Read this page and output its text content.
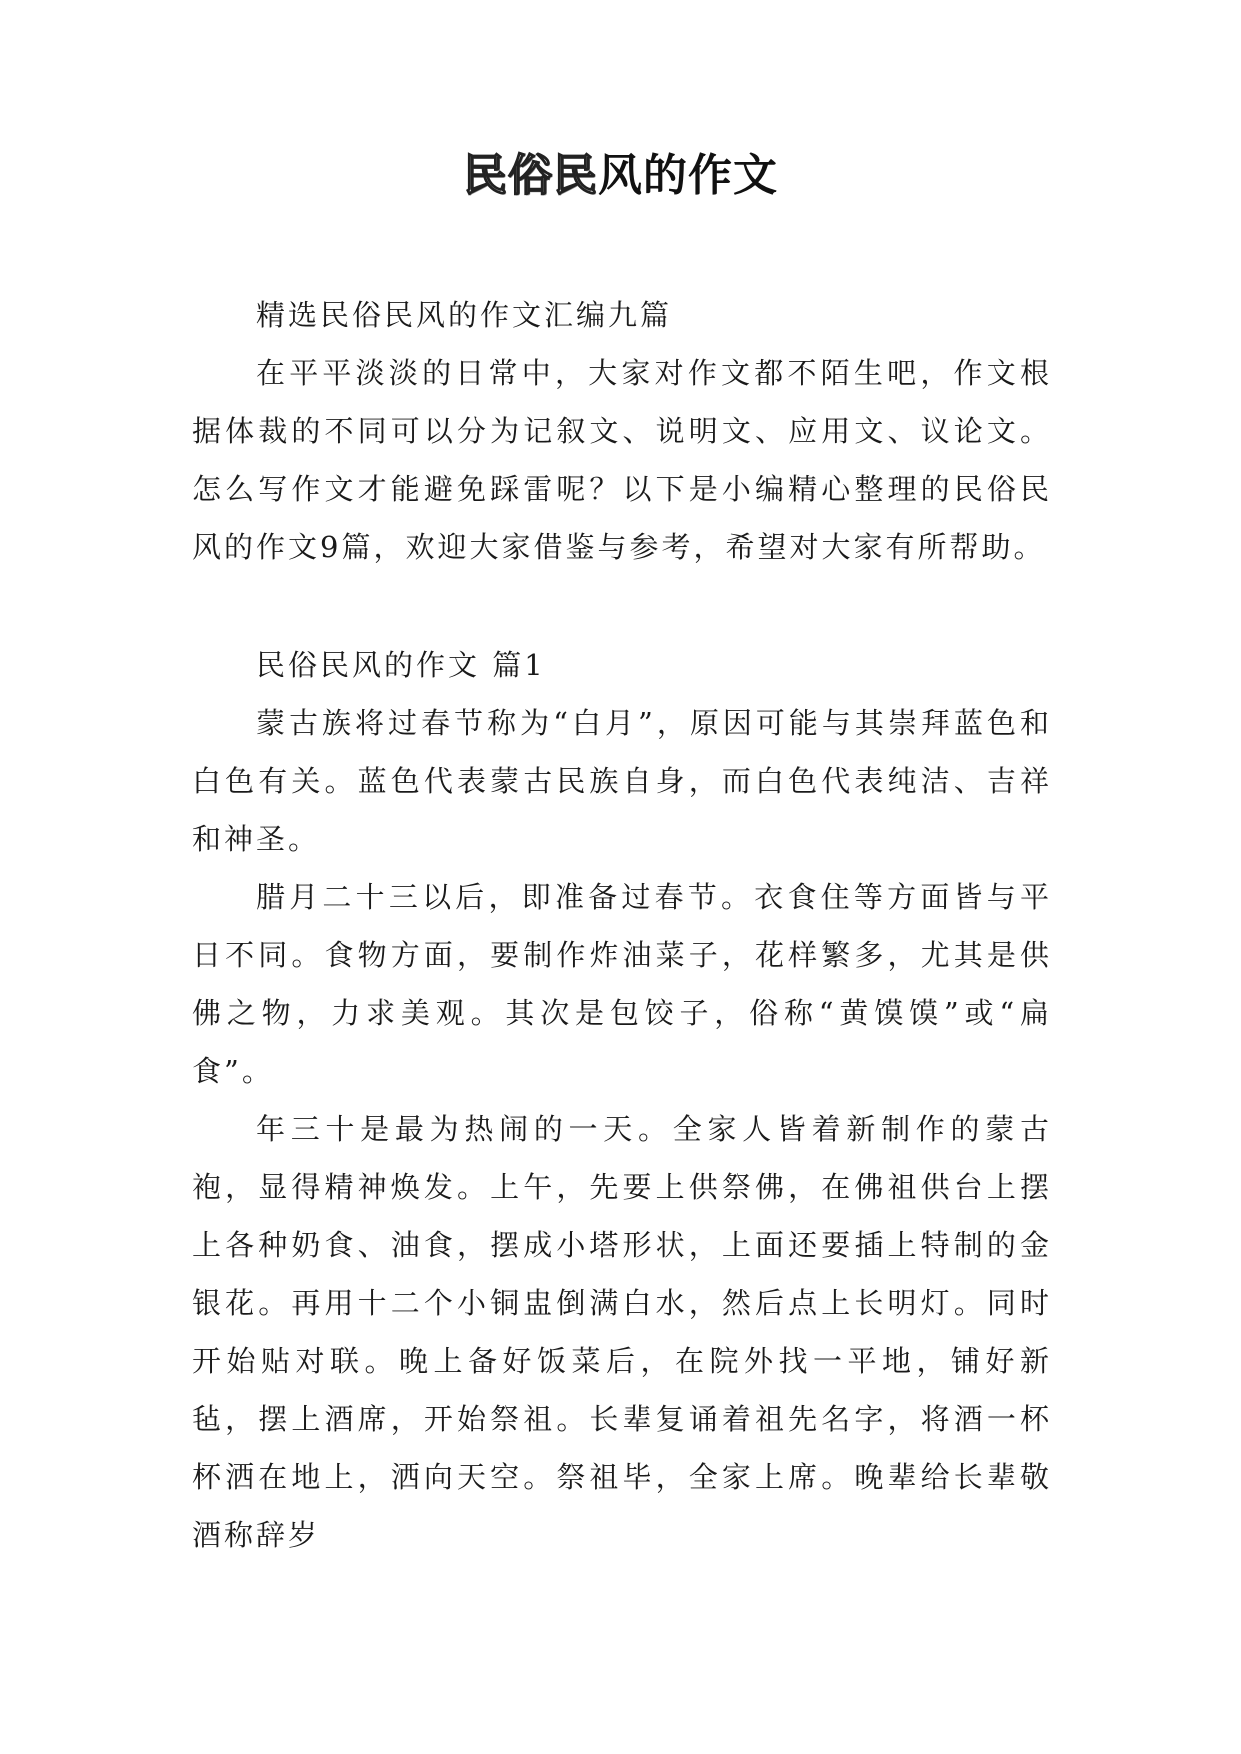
民俗民风的作文

精选民俗民风的作文汇编九篇

在平平淡淡的日常中，大家对作文都不陌生吧，作文根据体裁的不同可以分为记叙文、说明文、应用文、议论文。怎么写作文才能避免踩雷呢？以下是小编精心整理的民俗民风的作文9篇，欢迎大家借鉴与参考，希望对大家有所帮助。

民俗民风的作文 篇1

蒙古族将过春节称为“白月”，原因可能与其崇拜蓝色和白色有关。蓝色代表蒙古民族自身，而白色代表纯洁、吉祥和神圣。

腊月二十三以后，即准备过春节。衣食住等方面皆与平日不同。食物方面，要制作炸油菜子，花样繁多，尤其是供佛之物，力求美观。其次是包饺子，俗称“黄馍馍”或“扁食”。

年三十是最为热闹的一天。全家人皆着新制作的蒙古袍，显得精神焕发。上午，先要上供祭佛，在佛祖供台上摆上各种奶食、油食，摆成小塔形状，上面还要插上特制的金银花。再用十二个小铜盅倒满白水，然后点上长明灯。同时开始贴对联。晚上备好饭菜后，在院外找一平地，铺好新毡，摆上酒席，开始祭祖。长辈复诵着祖先名字，将酒一杯杯洒在地上，洒向天空。祭祖毕，全家上席。晚辈给长辈敬酒称辞岁
